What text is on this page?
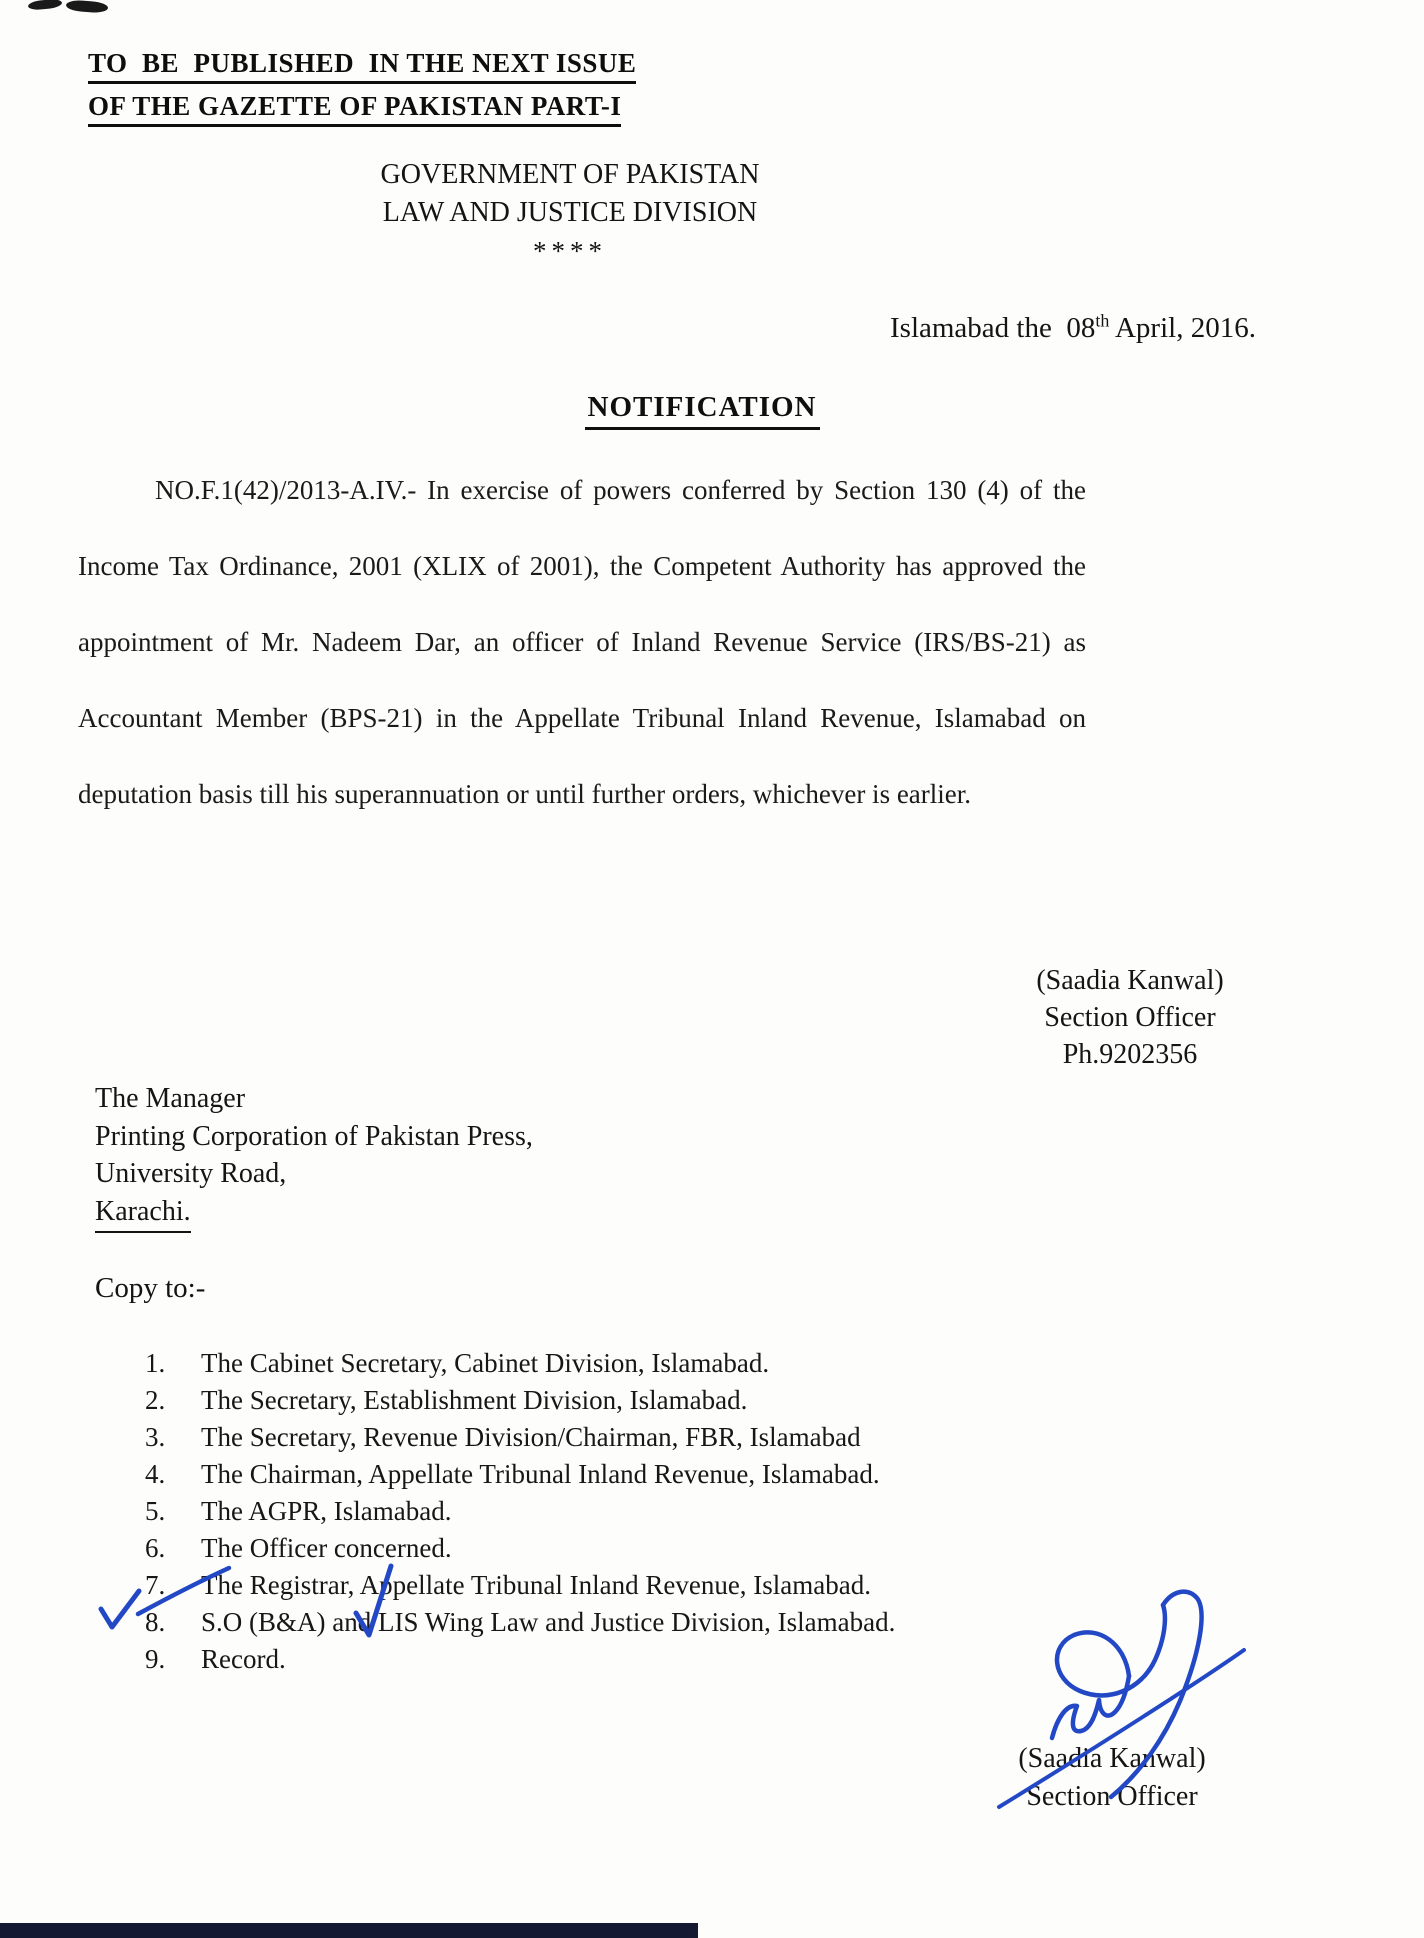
TO  BE  PUBLISHED  IN THE NEXT ISSUE
OF THE GAZETTE OF PAKISTAN PART-I
GOVERNMENT OF PAKISTAN
LAW AND JUSTICE DIVISION
****
Islamabad the  08th April, 2016.
NOTIFICATION
NO.F.1(42)/2013-A.IV.- In exercise of powers conferred by Section 130 (4) of the
Income Tax Ordinance, 2001 (XLIX of 2001), the Competent Authority has approved the
appointment of Mr. Nadeem Dar, an officer of Inland Revenue Service (IRS/BS-21) as
Accountant Member (BPS-21) in the Appellate Tribunal Inland Revenue, Islamabad on
deputation basis till his superannuation or until further orders, whichever is earlier.
(Saadia Kanwal)
Section Officer
Ph.9202356
The Manager
Printing Corporation of Pakistan Press,
University Road,
Karachi.
Copy to:-
1.	The Cabinet Secretary, Cabinet Division, Islamabad.
2.	The Secretary, Establishment Division, Islamabad.
3.	The Secretary, Revenue Division/Chairman, FBR, Islamabad
4.	The Chairman, Appellate Tribunal Inland Revenue, Islamabad.
5.	The AGPR, Islamabad.
6.	The Officer concerned.
7.	The Registrar, Appellate Tribunal Inland Revenue, Islamabad.
8.	S.O (B&A) and LIS Wing Law and Justice Division, Islamabad.
9.	Record.
(Saadia Kanwal)
Section Officer
